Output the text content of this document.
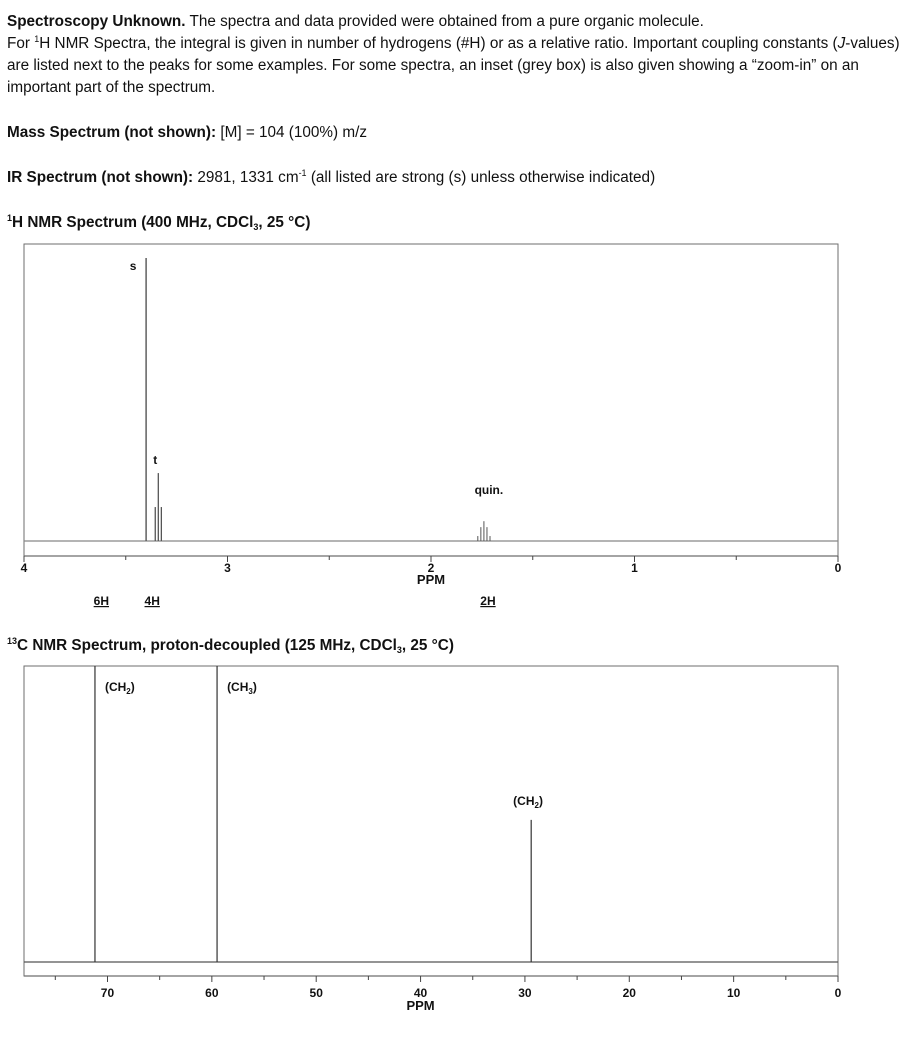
Spectroscopy Unknown. The spectra and data provided were obtained from a pure organic molecule.
For $^1$H NMR Spectra, the integral is given in number of hydrogens (#H) or as a relative ratio. Important coupling constants (J-values) are listed next to the peaks for some examples. For some spectra, an inset (grey box) is also given showing a “zoom-in” on an important part of the spectrum.

Mass Spectrum (not shown): [M] = 104 (100%) m/z
IR Spectrum (not shown): 2981, 1331 $cm^{-1}$ (all listed are strong (s) unless otherwise indicated)
$^1$H NMR Spectrum (400 MHz, CDCl$_3$, 25 °C)
4	3	2	1	0
PPM
s
t
quin.
6H	4H	2H
$^{13}$C NMR Spectrum, proton-decoupled (125 MHz, CDCl$_3$, 25 °C)
70	60	50	40	30	20	10	0
PPM
$(CH_2)$	$(CH_3)$
$(CH_2)$
